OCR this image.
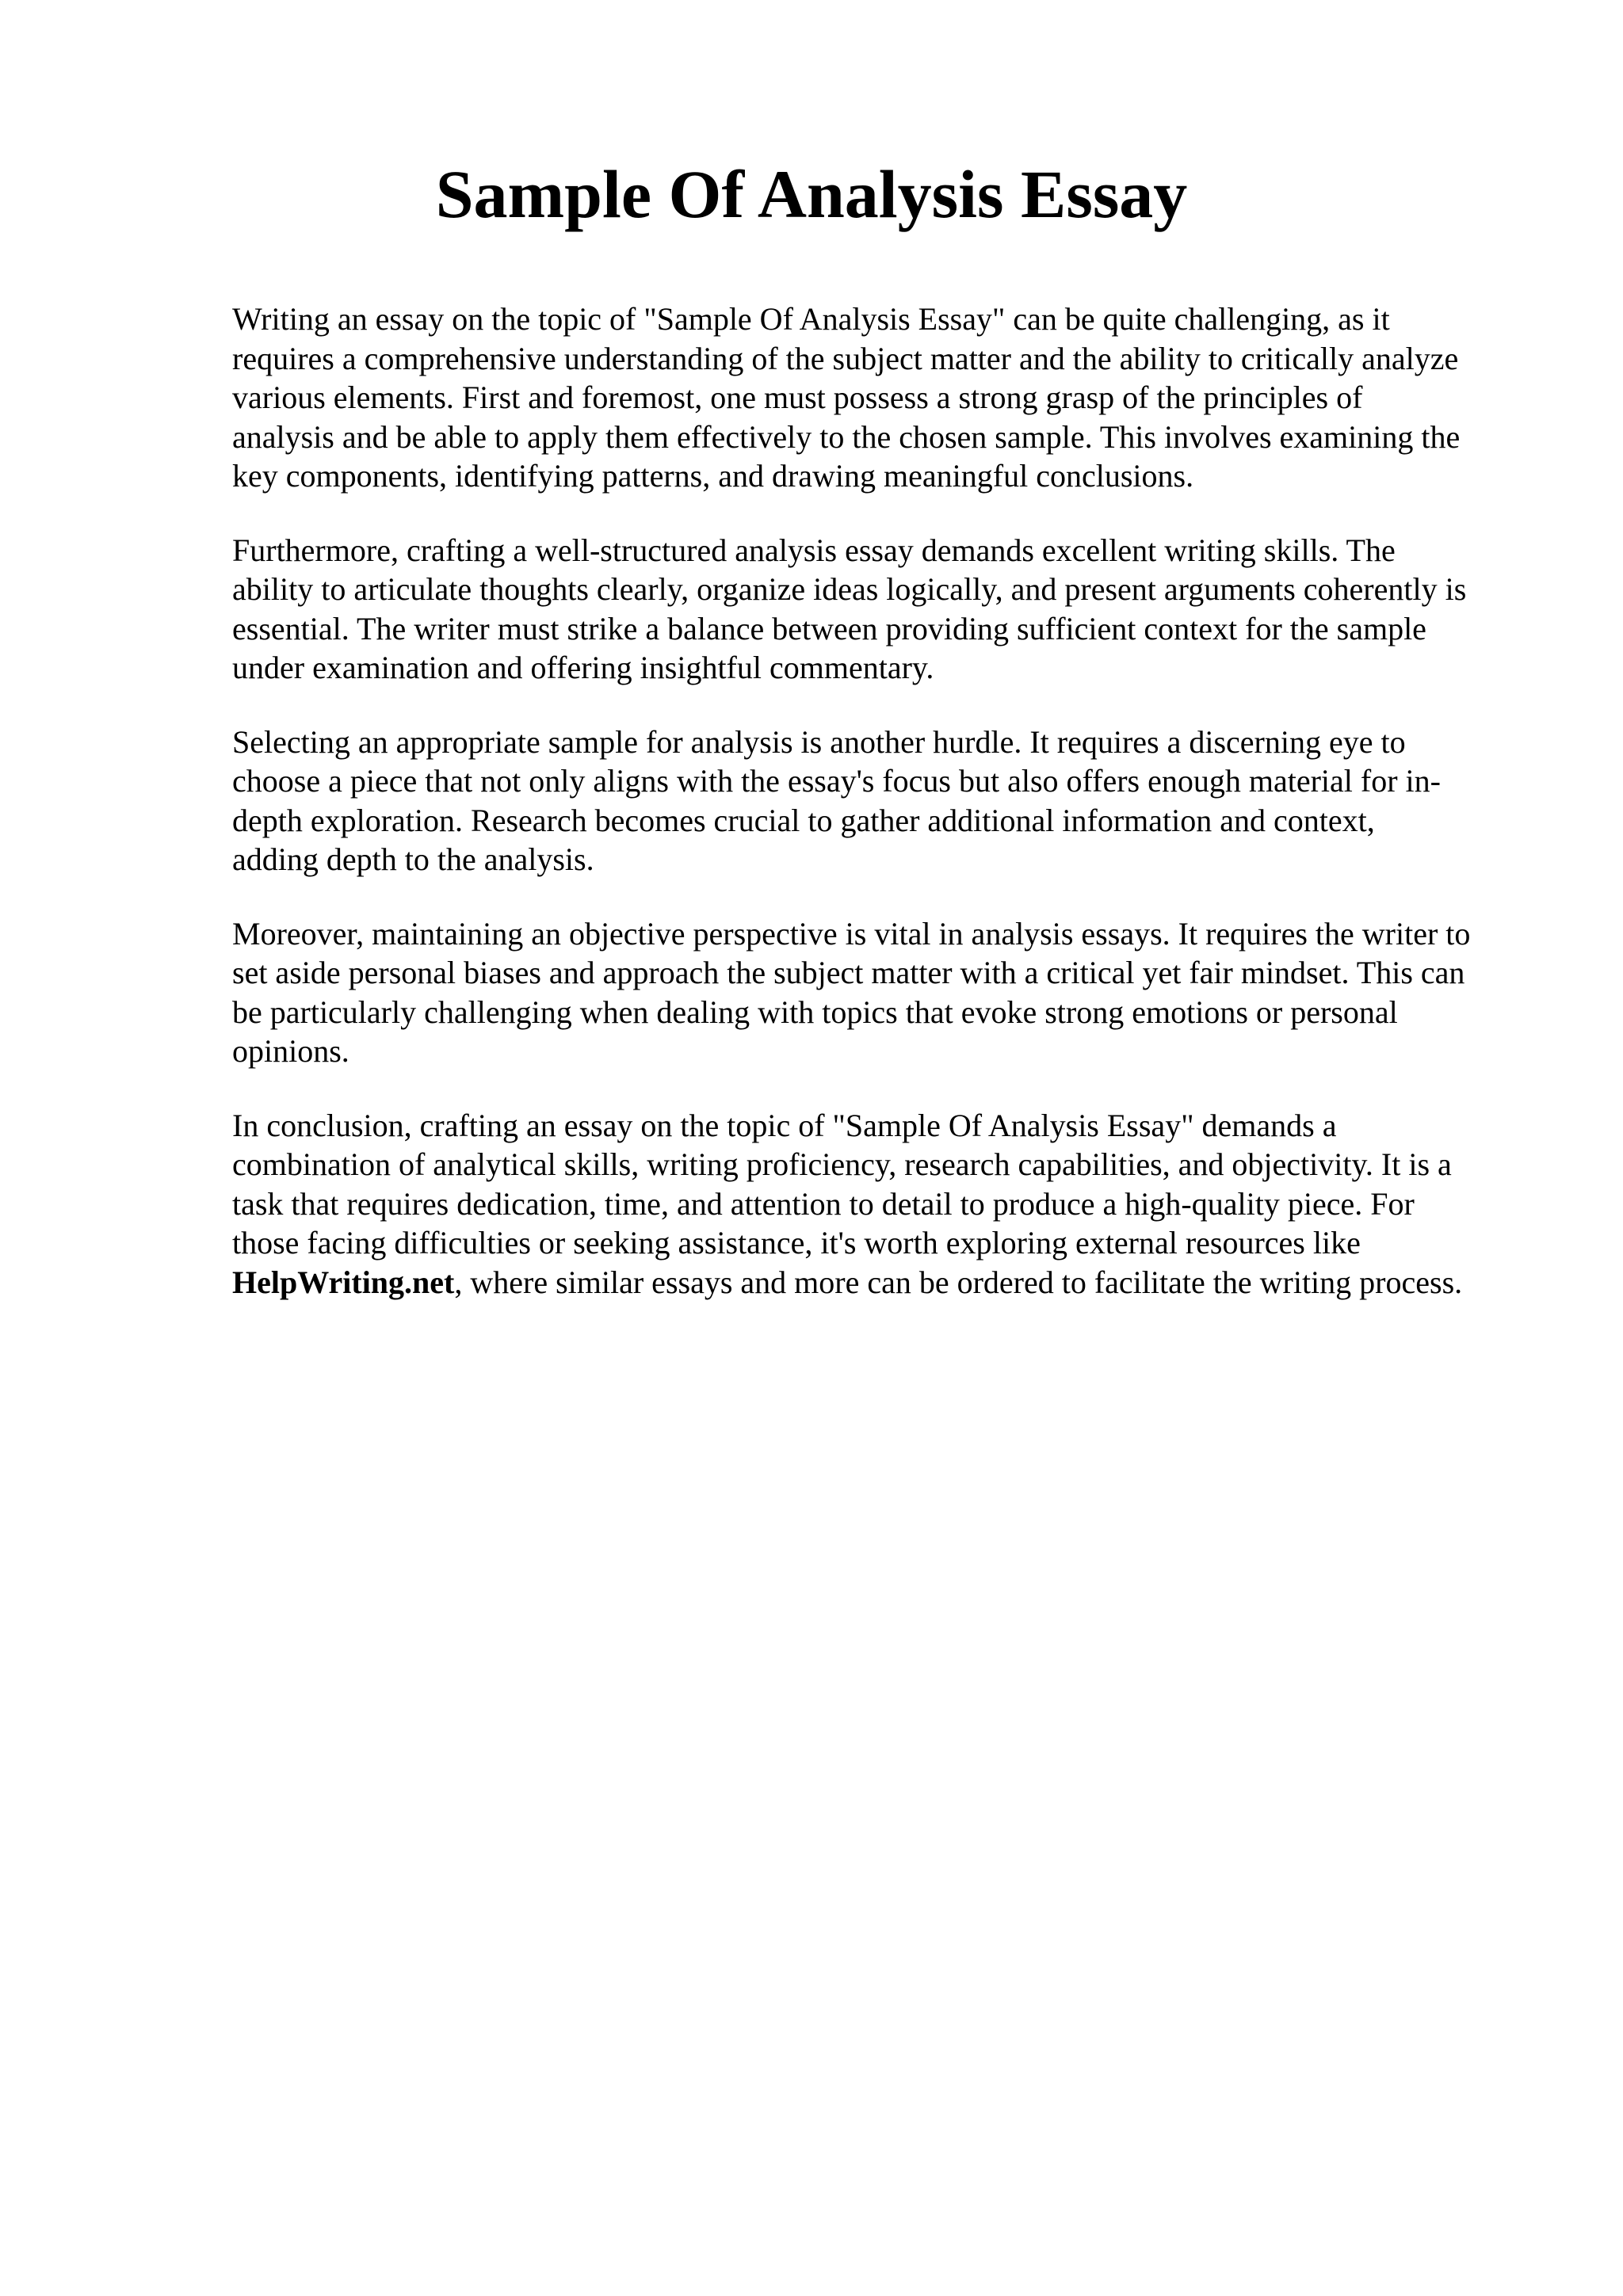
Sample Of Analysis Essay

Writing an essay on the topic of "Sample Of Analysis Essay" can be quite challenging, as it
requires a comprehensive understanding of the subject matter and the ability to critically analyze
various elements. First and foremost, one must possess a strong grasp of the principles of
analysis and be able to apply them effectively to the chosen sample. This involves examining the
key components, identifying patterns, and drawing meaningful conclusions.

Furthermore, crafting a well-structured analysis essay demands excellent writing skills. The
ability to articulate thoughts clearly, organize ideas logically, and present arguments coherently is
essential. The writer must strike a balance between providing sufficient context for the sample
under examination and offering insightful commentary.

Selecting an appropriate sample for analysis is another hurdle. It requires a discerning eye to
choose a piece that not only aligns with the essay's focus but also offers enough material for in-
depth exploration. Research becomes crucial to gather additional information and context,
adding depth to the analysis.

Moreover, maintaining an objective perspective is vital in analysis essays. It requires the writer to
set aside personal biases and approach the subject matter with a critical yet fair mindset. This can
be particularly challenging when dealing with topics that evoke strong emotions or personal
opinions.

In conclusion, crafting an essay on the topic of "Sample Of Analysis Essay" demands a
combination of analytical skills, writing proficiency, research capabilities, and objectivity. It is a
task that requires dedication, time, and attention to detail to produce a high-quality piece. For
those facing difficulties or seeking assistance, it's worth exploring external resources like
HelpWriting.net, where similar essays and more can be ordered to facilitate the writing process.
